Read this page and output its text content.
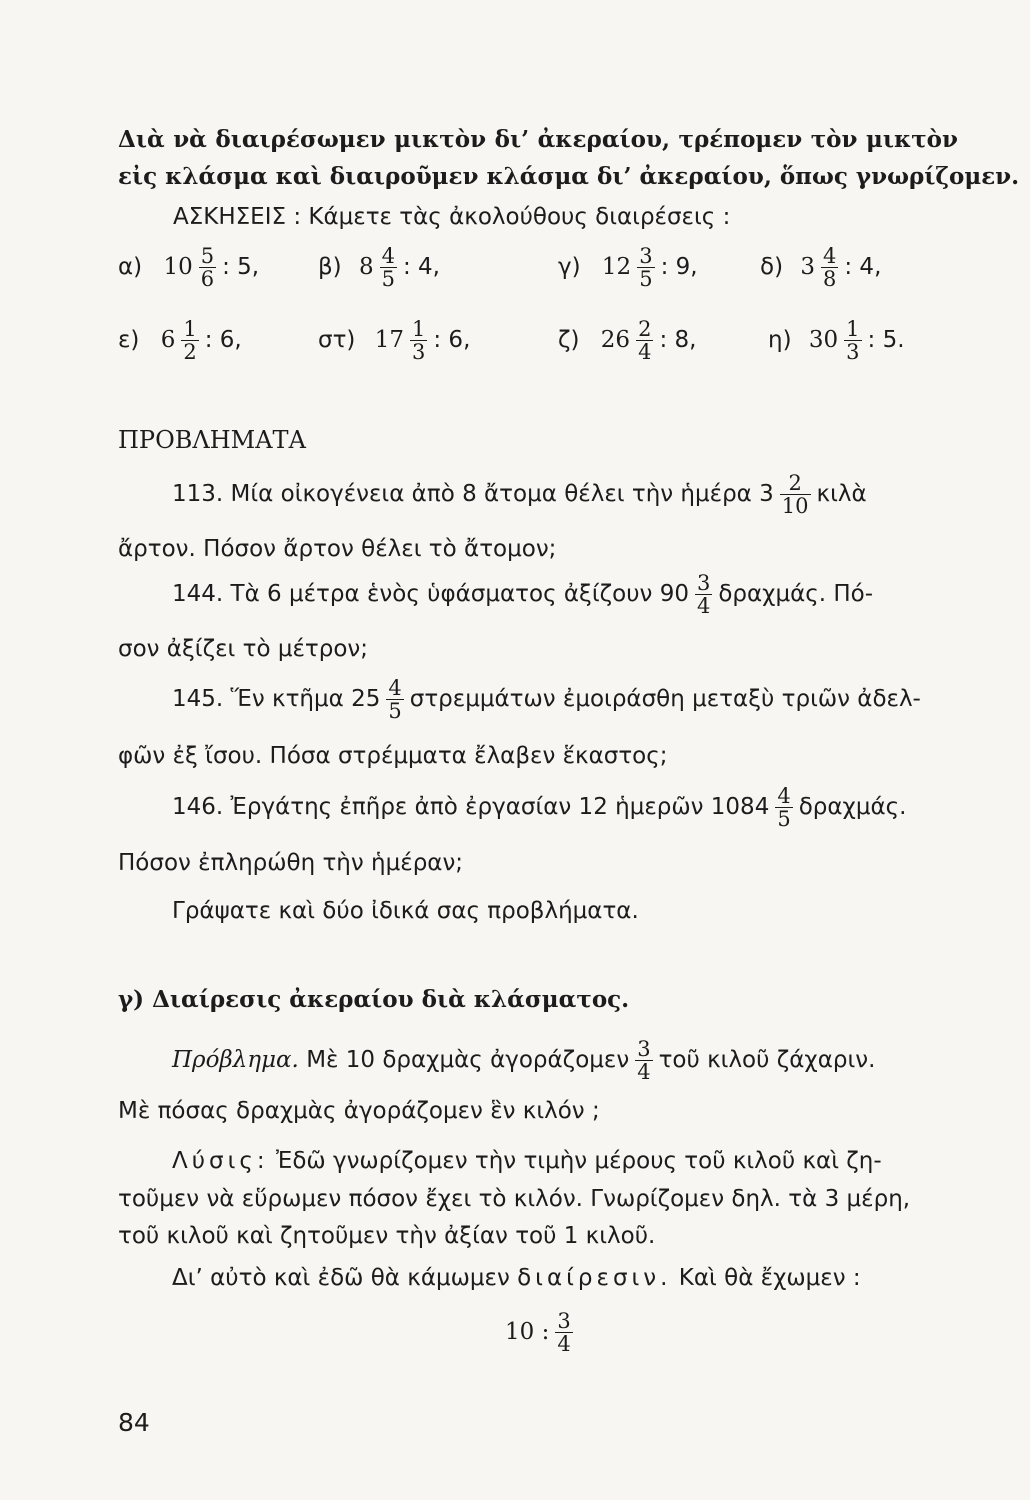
Διὰ νὰ διαιρέσωμεν μικτὸν δι’ ἀκεραίου, τρέπομεν τὸν μικτὸν

εἰς κλάσμα καὶ διαιροῦμεν κλάσμα δι’ ἀκεραίου, ὅπως γνωρίζομεν.

ΑΣΚΗΣΕΙΣ : Κάμετε τὰς ἀκολούθους διαιρέσεις :

α) $10 \frac{5}{6}$ : 5,	β) $8 \frac{4}{5}$ : 4,	γ) $12 \frac{3}{5}$ : 9,	δ) $3 \frac{4}{8}$ : 4,
ε) $6 \frac{1}{2}$ : 6,	στ) $17 \frac{1}{3}$ : 6,	ζ) $26 \frac{2}{4}$ : 8,	η) $30 \frac{1}{3}$ : 5.

ΠΡΟΒΛΗΜΑΤΑ

113. Μία οἰκογένεια ἀπὸ 8 ἄτομα θέλει τὴν ἡμέρα $3 \frac{2}{10}$ κιλὰ

ἄρτον. Πόσον ἄρτον θέλει τὸ ἄτομον;

144. Τὰ 6 μέτρα ἑνὸς ὑφάσματος ἀξίζουν $90 \frac{3}{4} \delta\rho\alpha\chi\mu ά\varsigma$. Πό-

σον ἀξίζει τὸ μέτρον;

145. Ἕν κτῆμα $25 \frac{4}{5}$ στρεμμάτων ἐμοιράσθη μεταξὺ τριῶν ἀδελ-

φῶν ἐξ ἴσου. Πόσα στρέμματα ἔλαβεν ἕκαστος;

146. Ἐργάτης ἐπῆρε ἀπὸ ἐργασίαν 12 ἡμερῶν $1084 \frac{4}{5} \delta\rho\alpha\chi\mu ά\varsigma$.

Πόσον ἐπληρώθη τὴν ἡμέραν;

Γράψατε καὶ δύο ἰδικά σας προβλήματα.

γ) Διαίρεσις ἀκεραίου διὰ κλάσματος.

Πρόβλημα. Μὲ 10 δραχμὰς ἀγοράζομεν $\frac{3}{4}$ τοῦ κιλοῦ ζάχαριν.

Μὲ πόσας δραχμὰς ἀγοράζομεν ἓν κιλόν ;

Λύσις: Ἐδῶ γνωρίζομεν τὴν τιμὴν μέρους τοῦ κιλοῦ καὶ ζη-

τοῦμεν νὰ εὕρωμεν πόσον ἔχει τὸ κιλόν. Γνωρίζομεν δηλ. τὰ 3 μέρη,

τοῦ κιλοῦ καὶ ζητοῦμεν τὴν ἀξίαν τοῦ 1 κιλοῦ.

Δι’ αὐτὸ καὶ ἐδῶ θὰ κάμωμεν διαίρεσιν. Καὶ θὰ ἔχωμεν :
10 : $\frac{3}{4}$
84
